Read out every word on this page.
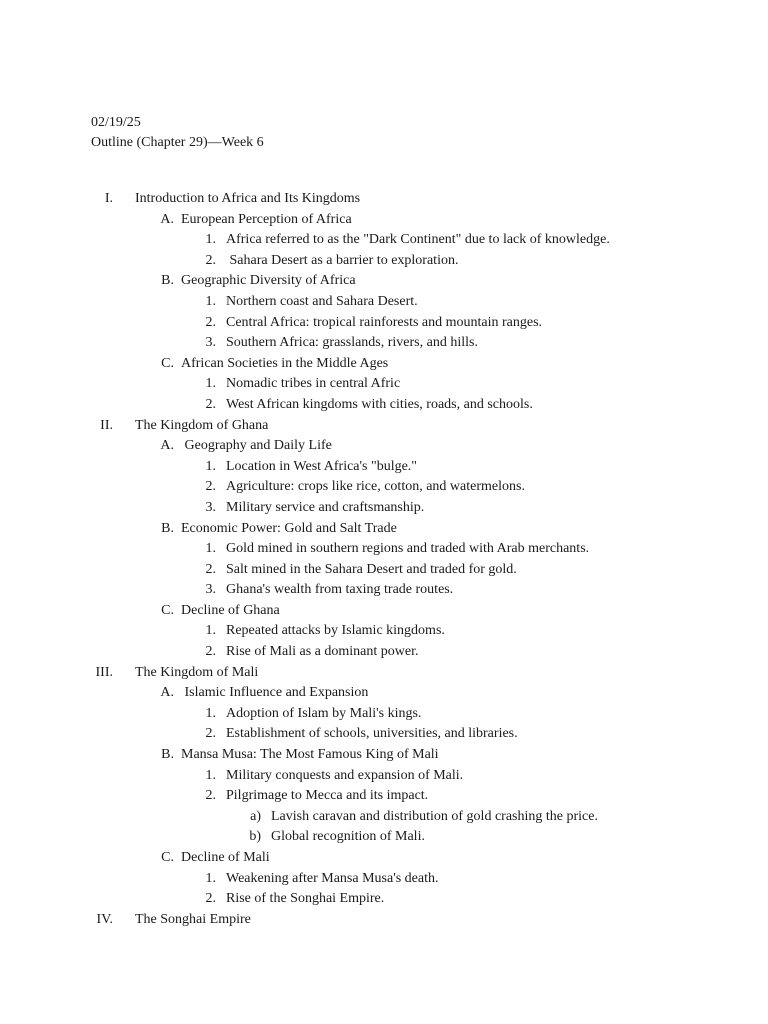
02/19/25
Outline (Chapter 29)—Week 6
I. Introduction to Africa and Its Kingdoms
A. European Perception of Africa
1. Africa referred to as the "Dark Continent" due to lack of knowledge.
2. Sahara Desert as a barrier to exploration.
B. Geographic Diversity of Africa
1. Northern coast and Sahara Desert.
2. Central Africa: tropical rainforests and mountain ranges.
3. Southern Africa: grasslands, rivers, and hills.
C. African Societies in the Middle Ages
1. Nomadic tribes in central Afric
2. West African kingdoms with cities, roads, and schools.
II. The Kingdom of Ghana
A. Geography and Daily Life
1. Location in West Africa's "bulge."
2. Agriculture: crops like rice, cotton, and watermelons.
3. Military service and craftsmanship.
B. Economic Power: Gold and Salt Trade
1. Gold mined in southern regions and traded with Arab merchants.
2. Salt mined in the Sahara Desert and traded for gold.
3. Ghana's wealth from taxing trade routes.
C. Decline of Ghana
1. Repeated attacks by Islamic kingdoms.
2. Rise of Mali as a dominant power.
III. The Kingdom of Mali
A. Islamic Influence and Expansion
1. Adoption of Islam by Mali's kings.
2. Establishment of schools, universities, and libraries.
B. Mansa Musa: The Most Famous King of Mali
1. Military conquests and expansion of Mali.
2. Pilgrimage to Mecca and its impact.
a) Lavish caravan and distribution of gold crashing the price.
b) Global recognition of Mali.
C. Decline of Mali
1. Weakening after Mansa Musa's death.
2. Rise of the Songhai Empire.
IV. The Songhai Empire
